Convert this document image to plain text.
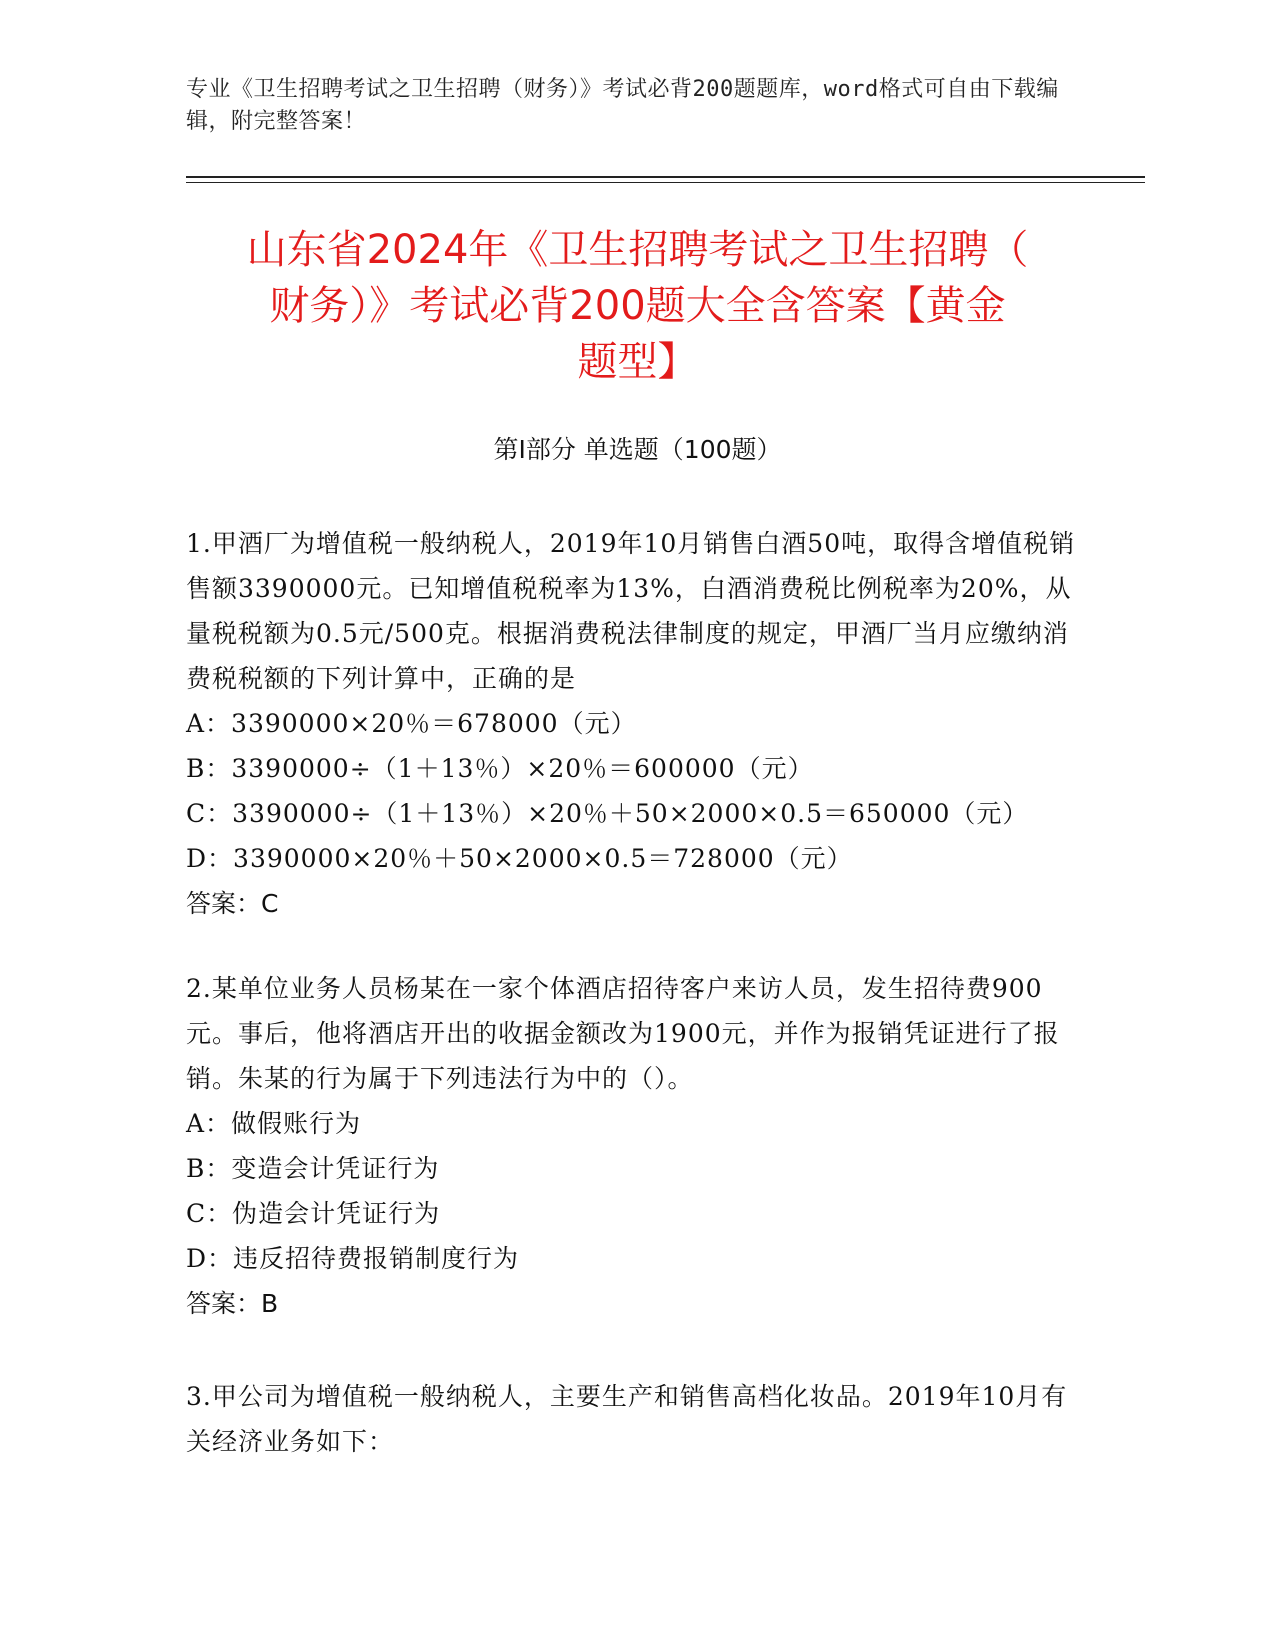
专业《卫生招聘考试之卫生招聘（财务）》考试必背200题题库，word格式可自由下载编辑，附完整答案！

山东省2024年《卫生招聘考试之卫生招聘（
财务）》考试必背200题大全含答案【黄金
题型】
第Ⅰ部分 单选题（100题）

1.甲酒厂为增值税一般纳税人，2019年10月销售白酒50吨，取得含增值税销售额3390000元。已知增值税税率为13%，白酒消费税比例税率为20%，从量税税额为0.5元/500克。根据消费税法律制度的规定，甲酒厂当月应缴纳消费税税额的下列计算中，正确的是

A：3390000×20％＝678000（元）
B：3390000÷（1＋13％）×20％＝600000（元）
C：3390000÷（1＋13％）×20％＋50×2000×0.5＝650000（元）
D：3390000×20％＋50×2000×0.5＝728000（元）

答案：C

2.某单位业务人员杨某在一家个体酒店招待客户来访人员，发生招待费900元。事后，他将酒店开出的收据金额改为1900元，并作为报销凭证进行了报销。朱某的行为属于下列违法行为中的（）。

A：做假账行为
B：变造会计凭证行为
C：伪造会计凭证行为
D：违反招待费报销制度行为

答案：B

3.甲公司为增值税一般纳税人，主要生产和销售高档化妆品。2019年10月有关经济业务如下：
